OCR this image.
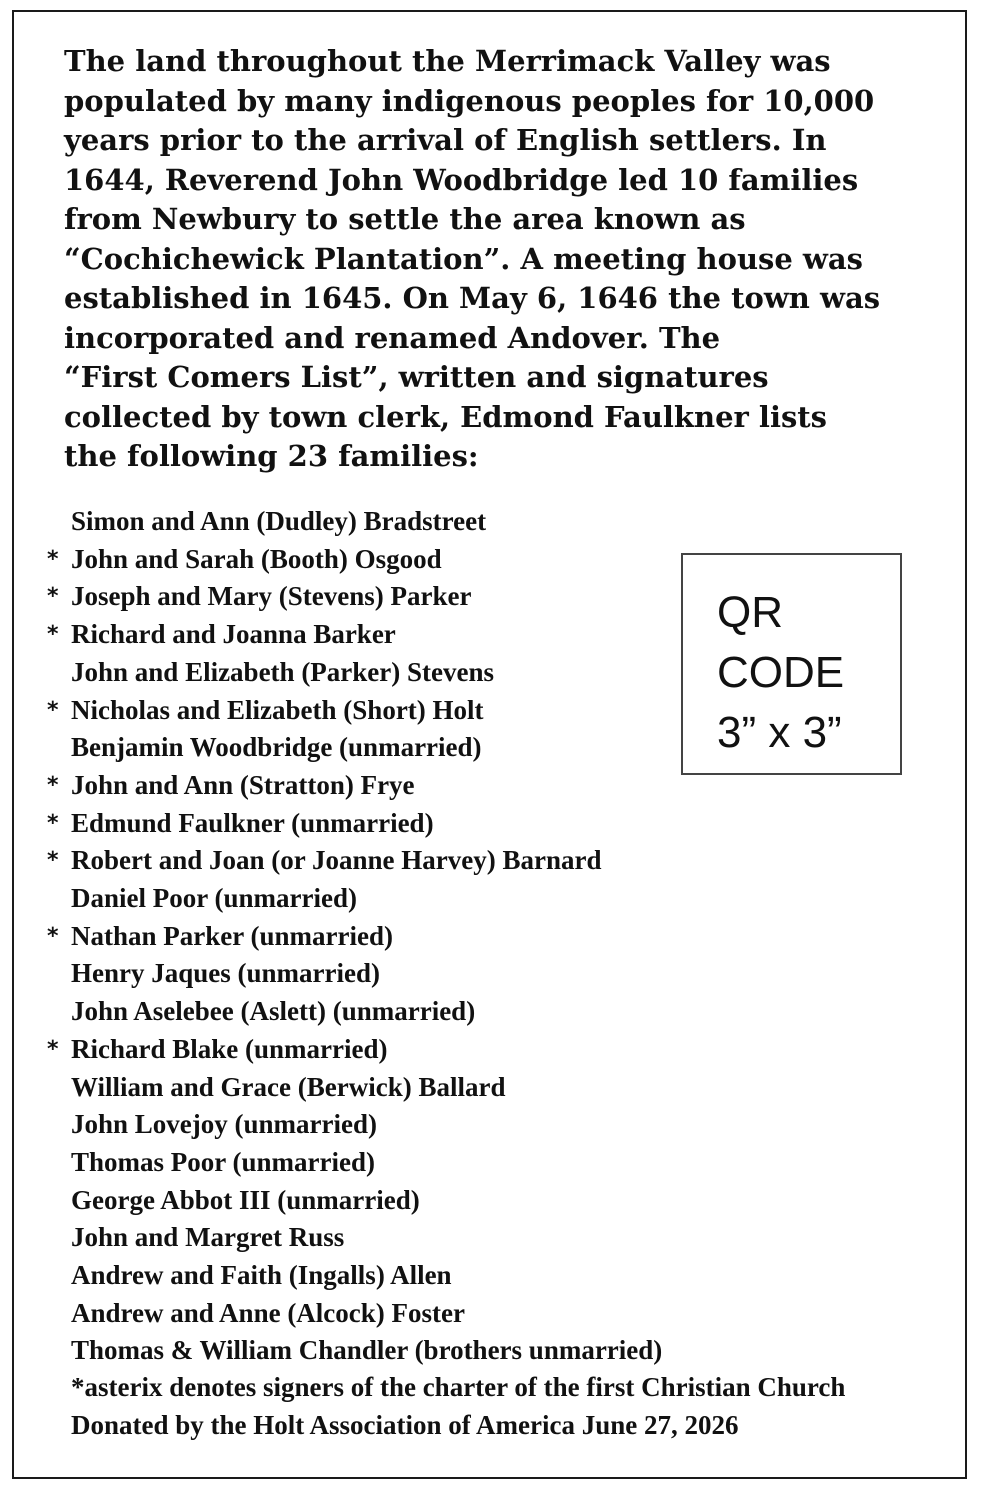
The land throughout the Merrimack Valley was
populated by many indigenous peoples for 10,000
years prior to the arrival of English settlers. In
1644, Reverend John Woodbridge led 10 families
from Newbury to settle the area known as
“Cochichewick Plantation”. A meeting house was
established in 1645. On May 6, 1646 the town was
incorporated and renamed Andover. The
“First Comers List”, written and signatures
collected by town clerk, Edmond Faulkner lists
the following 23 families:
Simon and Ann (Dudley) Bradstreet
* John and Sarah (Booth) Osgood
* Joseph and Mary (Stevens) Parker
* Richard and Joanna Barker
John and Elizabeth (Parker) Stevens
* Nicholas and Elizabeth (Short) Holt
Benjamin Woodbridge (unmarried)
* John and Ann (Stratton) Frye
* Edmund Faulkner (unmarried)
* Robert and Joan (or Joanne Harvey) Barnard
Daniel Poor (unmarried)
* Nathan Parker (unmarried)
Henry Jaques (unmarried)
John Aselebee (Aslett) (unmarried)
* Richard Blake (unmarried)
William and Grace (Berwick) Ballard
John Lovejoy (unmarried)
Thomas Poor (unmarried)
George Abbot III (unmarried)
John and Margret Russ
Andrew and Faith (Ingalls) Allen
Andrew and Anne (Alcock) Foster
Thomas & William Chandler (brothers unmarried)
*asterix denotes signers of the charter of the first Christian Church
Donated by the Holt Association of America June 27, 2026
QR
CODE
3” x 3”
